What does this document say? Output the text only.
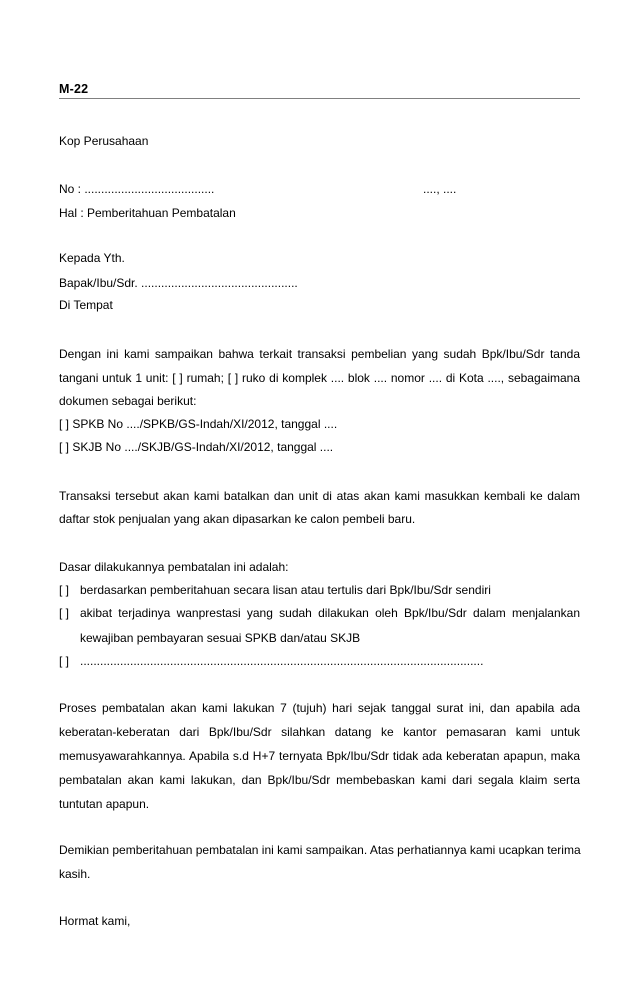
M-22
Kop Perusahaan
No : .......................................	...., ....
Hal : Pemberitahuan Pembatalan
Kepada Yth.
Bapak/Ibu/Sdr. ...............................................
Di Tempat
Dengan ini kami sampaikan bahwa terkait transaksi pembelian yang sudah Bpk/Ibu/Sdr tanda
tangani untuk 1 unit: [ ] rumah; [ ] ruko di komplek .... blok .... nomor .... di Kota ...., sebagaimana
dokumen sebagai berikut:
[ ] SPKB No ..../SPKB/GS-Indah/XI/2012, tanggal ....
[ ] SKJB No ..../SKJB/GS-Indah/XI/2012, tanggal ....
Transaksi tersebut akan kami batalkan dan unit di atas akan kami masukkan kembali ke dalam
daftar stok penjualan yang akan dipasarkan ke calon pembeli baru.
Dasar dilakukannya pembatalan ini adalah:
[ ] berdasarkan pemberitahuan secara lisan atau tertulis dari Bpk/Ibu/Sdr sendiri
[ ] akibat terjadinya wanprestasi yang sudah dilakukan oleh Bpk/Ibu/Sdr dalam menjalankan
kewajiban pembayaran sesuai SPKB dan/atau SKJB
[ ] .........................................................................................................................
Proses pembatalan akan kami lakukan 7 (tujuh) hari sejak tanggal surat ini, dan apabila ada
keberatan-keberatan dari Bpk/Ibu/Sdr silahkan datang ke kantor pemasaran kami untuk
memusyawarahkannya. Apabila s.d H+7 ternyata Bpk/Ibu/Sdr tidak ada keberatan apapun, maka
pembatalan akan kami lakukan, dan Bpk/Ibu/Sdr membebaskan kami dari segala klaim serta
tuntutan apapun.
Demikian pemberitahuan pembatalan ini kami sampaikan. Atas perhatiannya kami ucapkan terima
kasih.
Hormat kami,
